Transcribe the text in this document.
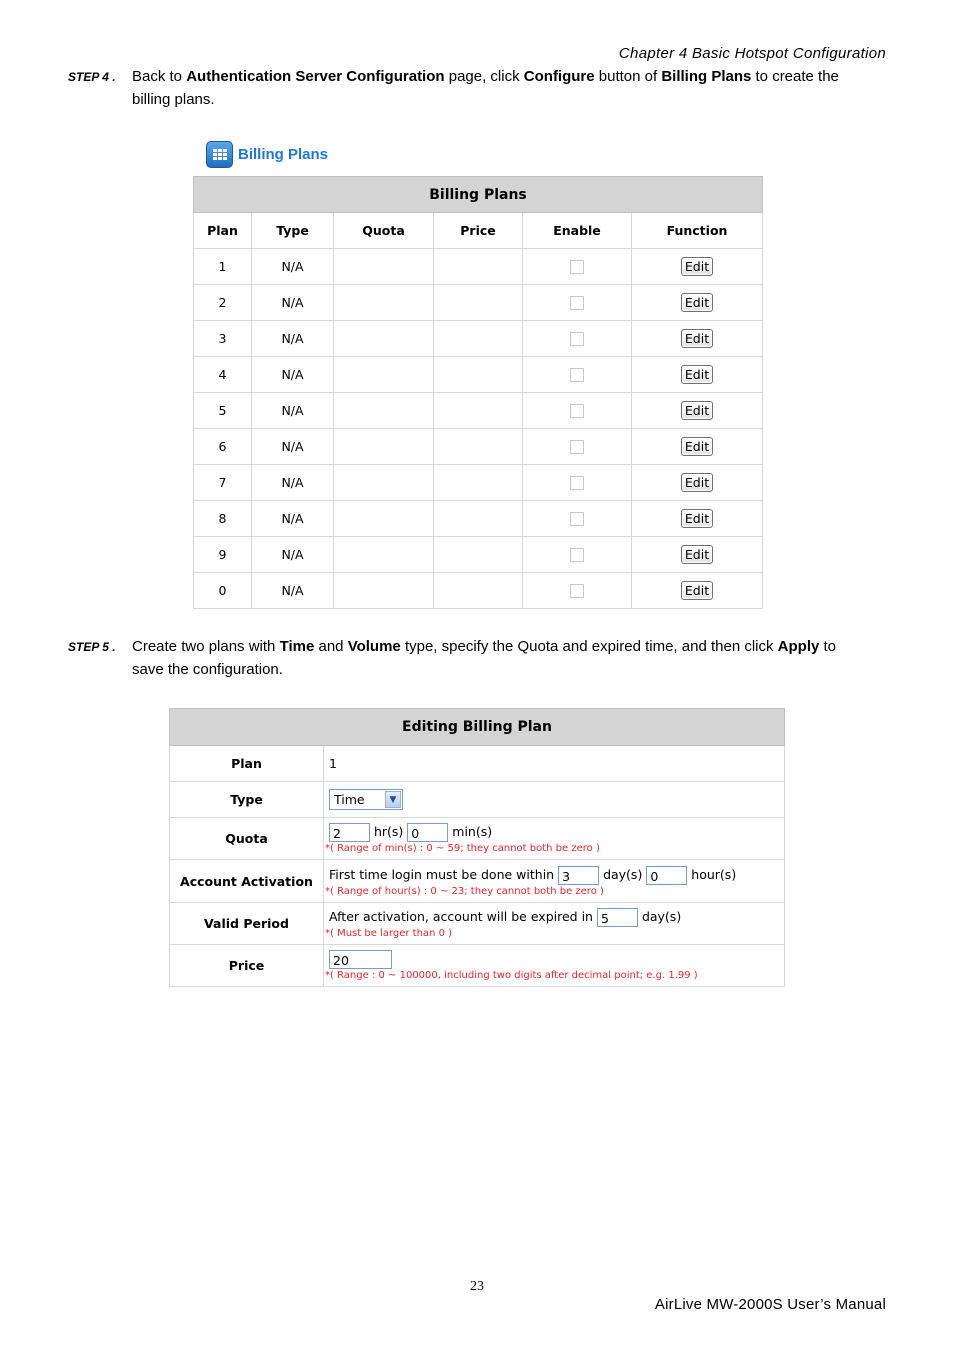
Chapter 4 Basic Hotspot Configuration
STEP 4 . Back to Authentication Server Configuration page, click Configure button of Billing Plans to create the
billing plans.
Billing Plans
Billing Plans					
Plan	Type	Quota	Price	Enable	Function
1	N/A				Edit
2	N/A				Edit
3	N/A				Edit
4	N/A				Edit
5	N/A				Edit
6	N/A				Edit
7	N/A				Edit
8	N/A				Edit
9	N/A				Edit
0	N/A				Edit
STEP 5 . Create two plans with Time and Volume type, specify the Quota and expired time, and then click Apply to
save the configuration.
Editing Billing Plan	
Plan	1
Type	Time ▼

Quota	2 hr(s) 0 min(s)
*( Range of min(s) : 0 ~ 59; they cannot both be zero )

Account Activation	First time login must be done within 3 day(s) 0 hour(s)
*( Range of hour(s) : 0 ~ 23; they cannot both be zero )

Valid Period	After activation, account will be expired in 5 day(s)
*( Must be larger than 0 )

Price	20
*( Range : 0 ~ 100000, including two digits after decimal point; e.g. 1.99 )
23
AirLive MW-2000S User’s Manual
